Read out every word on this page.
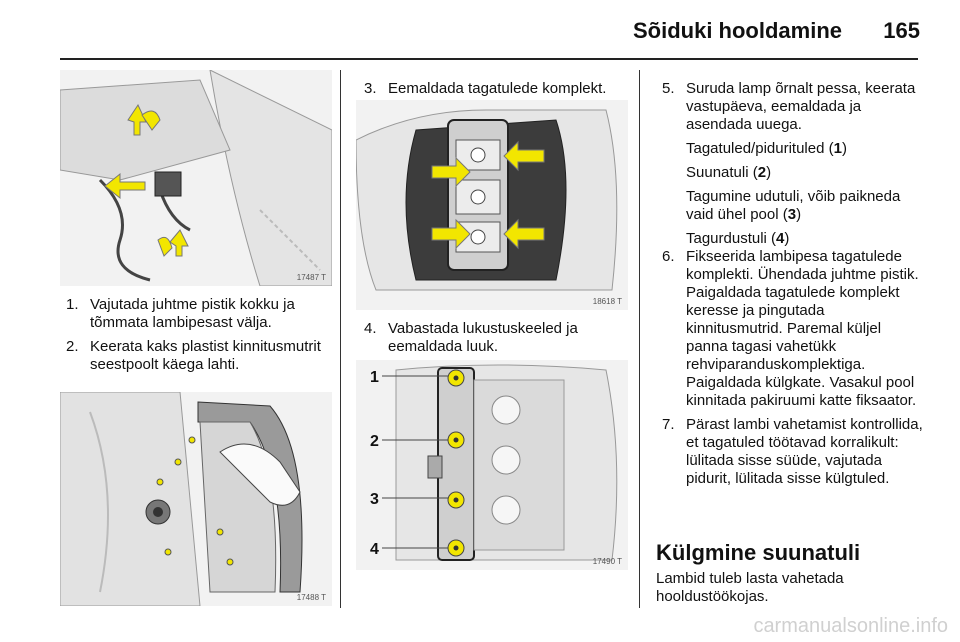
Sõiduki hooldamine 165
17487 T
1. Vajutada juhtme pistik kokku ja tõmmata lambipesast välja.
2. Keerata kaks plastist kinnitusmutrit seestpoolt käega lahti.
17488 T
3. Eemaldada tagatulede komplekt.
18618 T
4. Vabastada lukustuskeeled ja eemaldada luuk.
1
2
3
4
17490 T
5. Suruda lamp õrnalt pessa, keerata vastupäeva, eemaldada ja asendada uuega.
Tagatuled/pidurituled (1)
Suunatuli (2)
Tagumine udutuli, võib paikneda vaid ühel pool (3)
Tagurdustuli (4)
6. Fikseerida lambipesa tagatulede komplekti. Ühendada juhtme pistik. Paigaldada tagatulede komplekt keresse ja pingutada kinnitusmutrid. Paremal küljel panna tagasi vahetükk rehviparanduskomplektiga. Paigaldada külgkate. Vasakul pool kinnitada pakiruumi katte fiksaator.
7. Pärast lambi vahetamist kontrollida, et tagatuled töötavad korralikult: lülitada sisse süüde, vajutada pidurit, lülitada sisse külgtuled.
Külgmine suunatuli
Lambid tuleb lasta vahetada hooldustöökojas.
carmanualsonline.info
